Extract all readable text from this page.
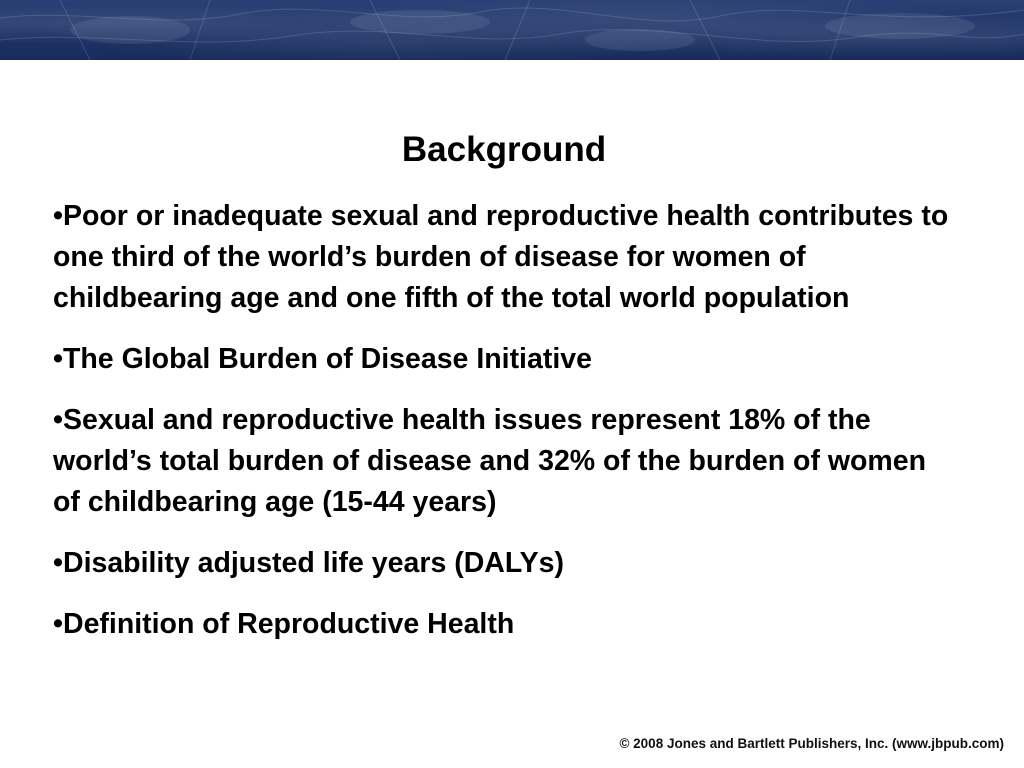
Background
•Poor or inadequate sexual and reproductive health contributes to one third of the world’s burden of disease for women of childbearing age and one fifth of the total world population
•The Global Burden of Disease Initiative
•Sexual and reproductive health issues represent 18% of the world’s total burden of disease and 32% of the burden of women of childbearing age (15-44 years)
•Disability adjusted life years (DALYs)
•Definition of Reproductive Health
© 2008 Jones and Bartlett Publishers, Inc. (www.jbpub.com)
